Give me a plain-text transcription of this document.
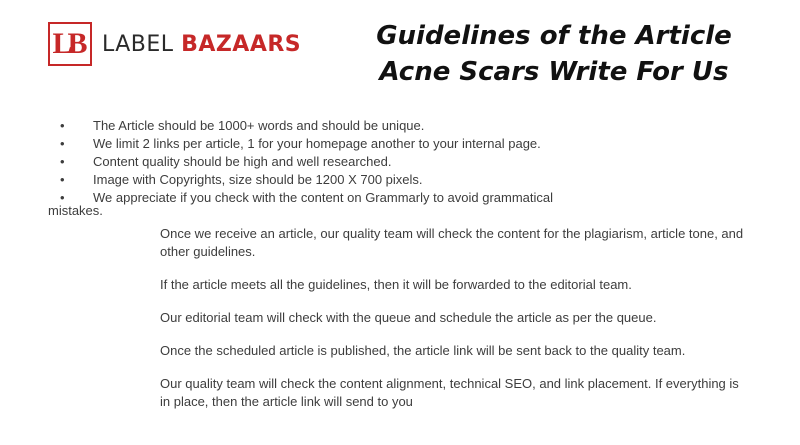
LB LABEL BAZAARS	Guidelines of the Article
Acne Scars Write For Us
• The Article should be 1000+ words and should be unique.
• We limit 2 links per article, 1 for your homepage another to your internal page.
• Content quality should be high and well researched.
• Image with Copyrights, size should be 1200 X 700 pixels.
• We appreciate if you check with the content on Grammarly to avoid grammatical
mistakes.

Once we receive an article, our quality team will check the content for the plagiarism, article tone, and other guidelines.

If the article meets all the guidelines, then it will be forwarded to the editorial team.

Our editorial team will check with the queue and schedule the article as per the queue.

Once the scheduled article is published, the article link will be sent back to the quality team.

Our quality team will check the content alignment, technical SEO, and link placement. If everything is in place, then the article link will send to you
